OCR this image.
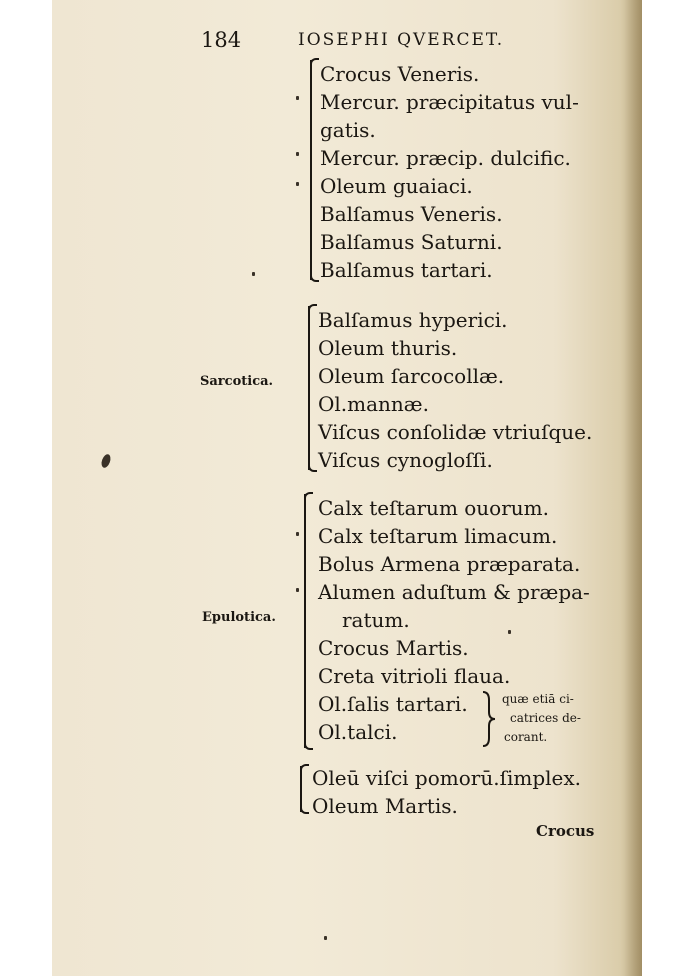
184	IOSEPHI QVERCET.
Crocus Veneris.
Mercur. præcipitatus vul-
gatis.
Mercur. præcip. dulcific.
Oleum guaiaci.
Balſamus Veneris.
Balſamus Saturni.
Balſamus tartari.
Sarcotica.
Balſamus hyperici.
Oleum thuris.
Oleum ſarcocollæ.
Ol.mannæ.
Viſcus conſolidæ vtriuſque.
Viſcus cynogloſſi.
Epulotica.
Calx teſtarum ouorum.
Calx teſtarum limacum.
Bolus Armena præparata.
Alumen aduſtum & præpa-
ratum.
Crocus Martis.
Creta vitrioli flaua.
Ol.ſalis tartari.
Ol.talci.
quæ etiā ci-
catrices de-
corant.
Oleū viſci pomorū.ſimplex.
Oleum Martis.
Crocus
